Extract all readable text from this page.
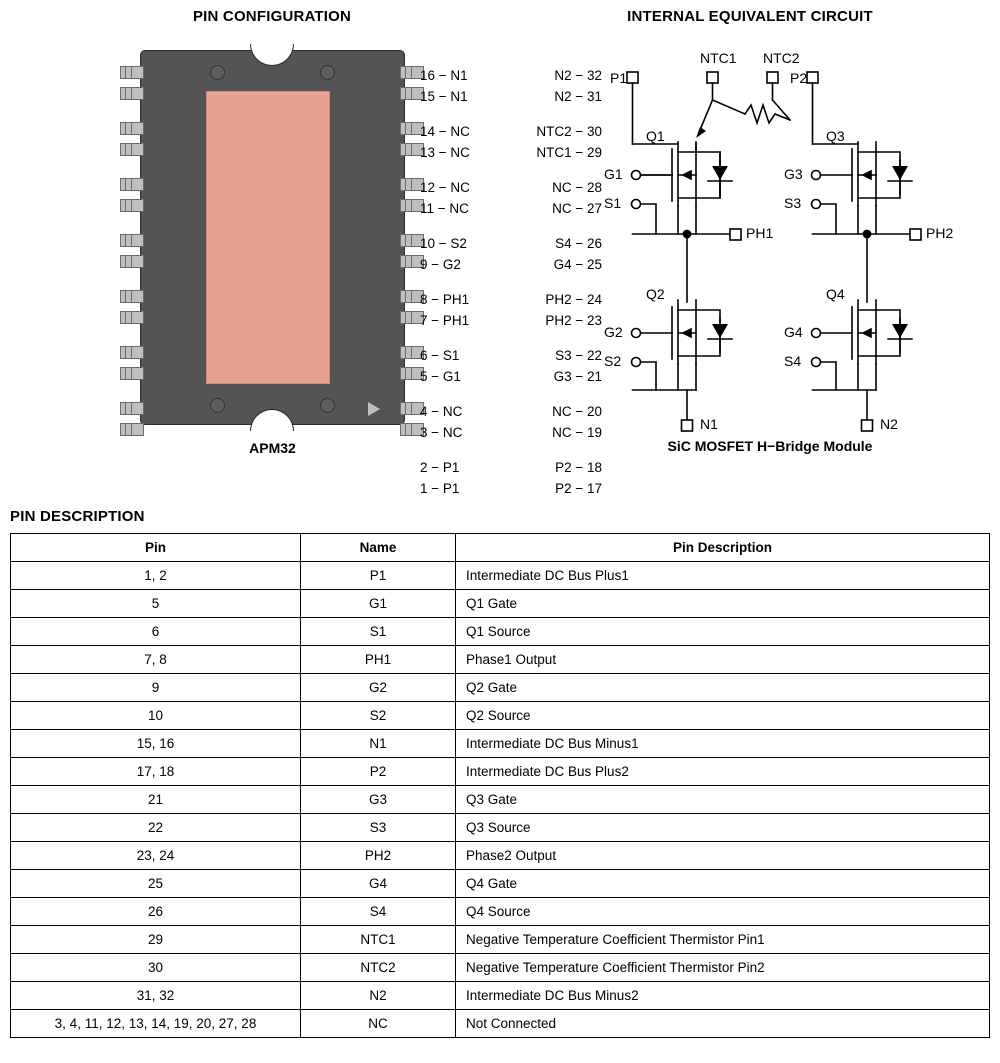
PIN CONFIGURATION	INTERNAL EQUIVALENT CIRCUIT
APM32
N2 − 32
N2 − 31
NTC2 − 30
NTC1 − 29
NC − 28
NC − 27
S4 − 26
G4 − 25
PH2 − 24
PH2 − 23
S3 − 22
G3 − 21
NC − 20
NC − 19
P2 − 18
P2 − 17
16 − N1
15 − N1
14 − NC
13 − NC
12 − NC
11 − NC
10 − S2
9 − G2
8 − PH1
7 − PH1
6 − S1
5 − G1
4 − NC
3 − NC
2 − P1
1 − P1
P1
NTC1 NTC2
P2
Q1	Q3
Q2	Q4
G1
S1
G2
S2
G3
S3
G4
S4
PH1	PH2
N1	N2
SiC MOSFET H−Bridge Module
PIN DESCRIPTION
Pin	Name	Pin Description
1, 2	P1	Intermediate DC Bus Plus1
5	G1	Q1 Gate
6	S1	Q1 Source
7, 8	PH1	Phase1 Output
9	G2	Q2 Gate
10	S2	Q2 Source
15, 16	N1	Intermediate DC Bus Minus1
17, 18	P2	Intermediate DC Bus Plus2
21	G3	Q3 Gate
22	S3	Q3 Source
23, 24	PH2	Phase2 Output
25	G4	Q4 Gate
26	S4	Q4 Source
29	NTC1	Negative Temperature Coefficient Thermistor Pin1
30	NTC2	Negative Temperature Coefficient Thermistor Pin2
31, 32	N2	Intermediate DC Bus Minus2
3, 4, 11, 12, 13, 14, 19, 20, 27, 28	NC	Not Connected
